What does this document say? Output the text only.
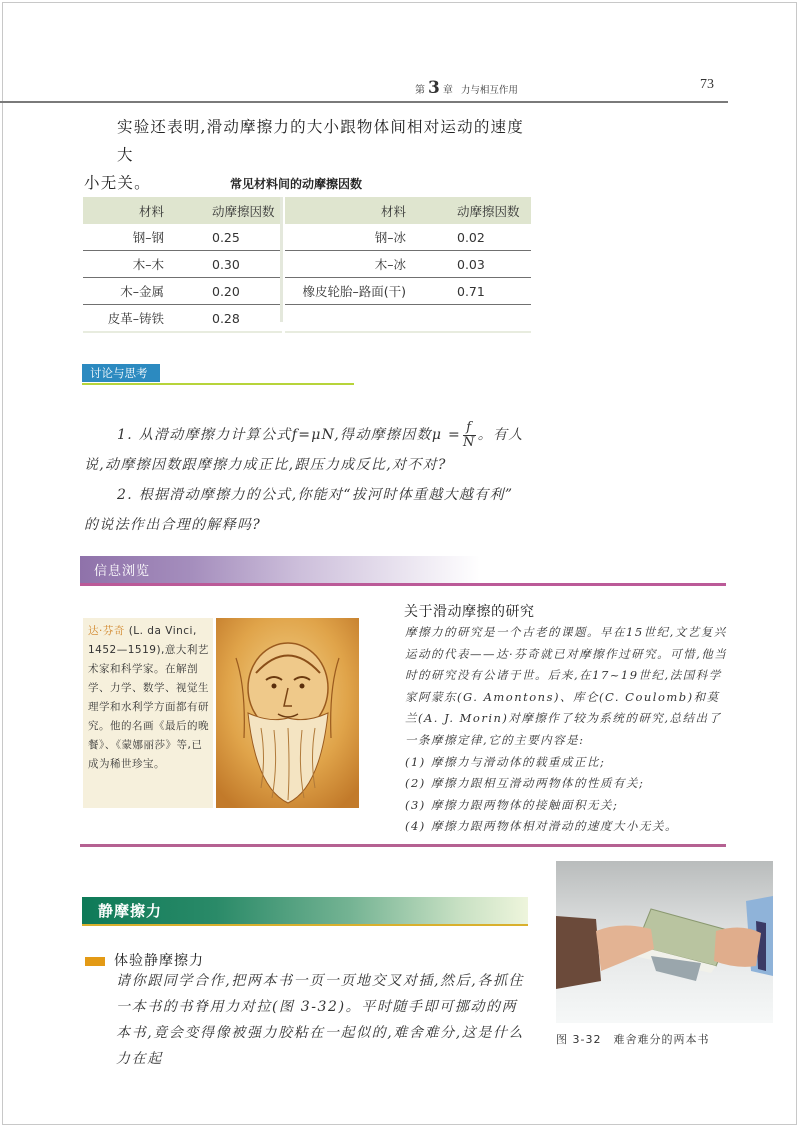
第 3 章 力与相互作用	73
实验还表明,滑动摩擦力的大小跟物体间相对运动的速度大
小无关。	常见材料间的动摩擦因数
材料	动摩擦因数
钢–钢	0.25
木–木	0.30
木–金属	0.20
皮革–铸铁	0.28
材料	动摩擦因数
钢–冰	0.02
木–冰	0.03
橡皮轮胎–路面(干)	0.71

讨论与思考
1. 从滑动摩擦力计算公式f=μN,得动摩擦因数$\mu = \frac{f}{N}$ 。有人
说,动摩擦因数跟摩擦力成正比,跟压力成反比,对不对?
2. 根据滑动摩擦力的公式,你能对“拔河时体重越大越有利”
的说法作出合理的解释吗?
信息浏览
达·芬奇 (L. da Vinci, 1452—1519),意大利艺术家和科学家。在解剖学、力学、数学、视觉生理学和水利学方面都有研究。他的名画《最后的晚餐》、《蒙娜丽莎》等,已成为稀世珍宝。
关于滑动摩擦的研究
摩擦力的研究是一个古老的课题。早在15世纪,文艺复兴运动的代表——达·芬奇就已对摩擦作过研究。可惜,他当时的研究没有公诸于世。后来,在17~19世纪,法国科学家阿蒙东(G. Amontons)、库仑(C. Coulomb)和莫兰(A. J. Morin)对摩擦作了较为系统的研究,总结出了一条摩擦定律,它的主要内容是:
(1) 摩擦力与滑动体的载重成正比;
(2) 摩擦力跟相互滑动两物体的性质有关;
(3) 摩擦力跟两物体的接触面积无关;
(4) 摩擦力跟两物体相对滑动的速度大小无关。
静摩擦力
体验静摩擦力
请你跟同学合作,把两本书一页一页地交叉对插,然后,各抓住一本书的书脊用力对拉(图 3-32)。平时随手即可挪动的两本书,竟会变得像被强力胶粘在一起似的,难舍难分,这是什么力在起
图 3-32 难舍难分的两本书
